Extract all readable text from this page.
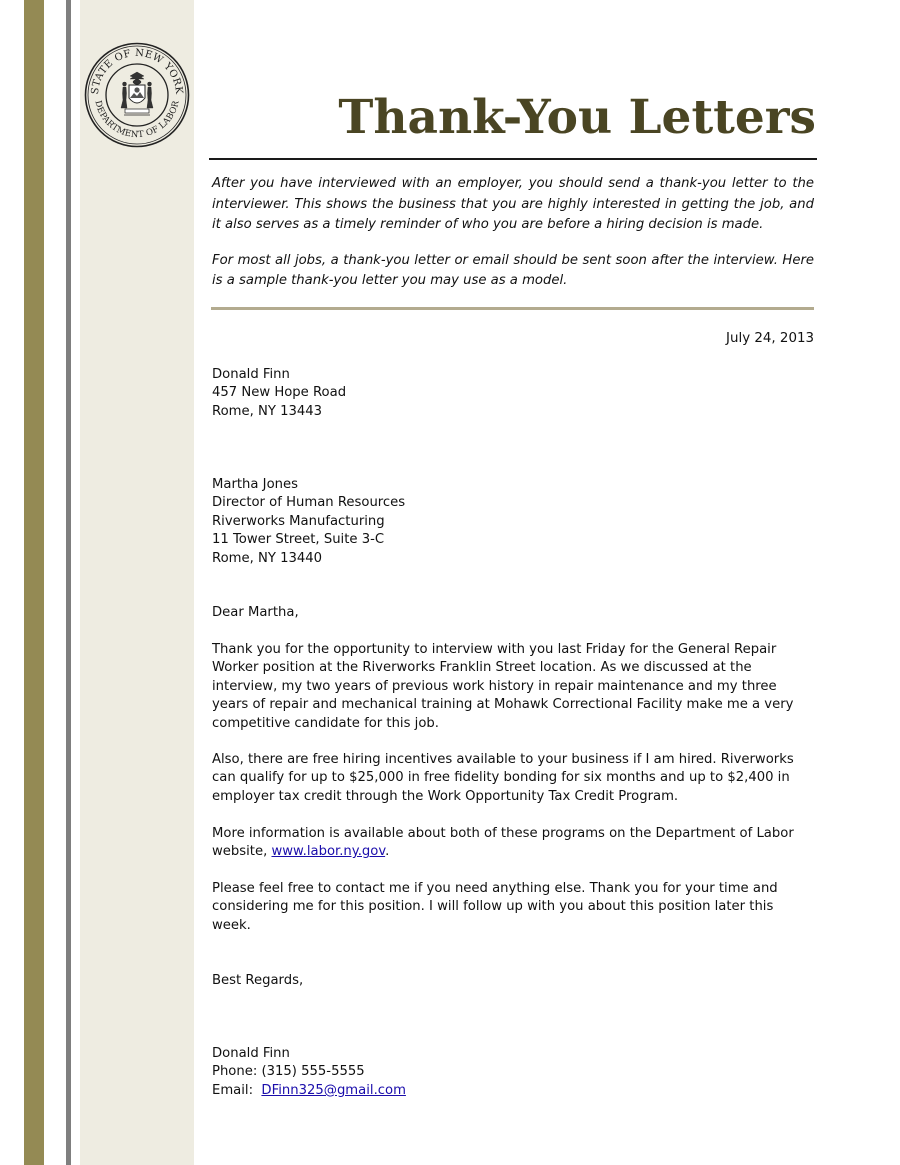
STATE OF NEW YORK
DEPARTMENT OF LABOR	Thank-You Letters

After you have interviewed with an employer, you should send a thank-you letter to the interviewer. This shows the business that you are highly interested in getting the job, and it also serves as a timely reminder of who you are before a hiring decision is made.

For most all jobs, a thank-you letter or email should be sent soon after the interview. Here is a sample thank-you letter you may use as a model.

July 24, 2013
Donald Finn
457 New Hope Road
Rome, NY 13443
Martha Jones
Director of Human Resources
Riverworks Manufacturing
11 Tower Street, Suite 3-C
Rome, NY 13440
Dear Martha,
Thank you for the opportunity to interview with you last Friday for the General Repair
Worker position at the Riverworks Franklin Street location. As we discussed at the
interview, my two years of previous work history in repair maintenance and my three
years of repair and mechanical training at Mohawk Correctional Facility make me a very
competitive candidate for this job.
Also, there are free hiring incentives available to your business if I am hired. Riverworks
can qualify for up to $25,000 in free fidelity bonding for six months and up to $2,400 in
employer tax credit through the Work Opportunity Tax Credit Program.
More information is available about both of these programs on the Department of Labor
website, www.labor.ny.gov.
Please feel free to contact me if you need anything else. Thank you for your time and
considering me for this position. I will follow up with you about this position later this
week.
Best Regards,
Donald Finn
Phone: (315) 555-5555
Email:  DFinn325@gmail.com
